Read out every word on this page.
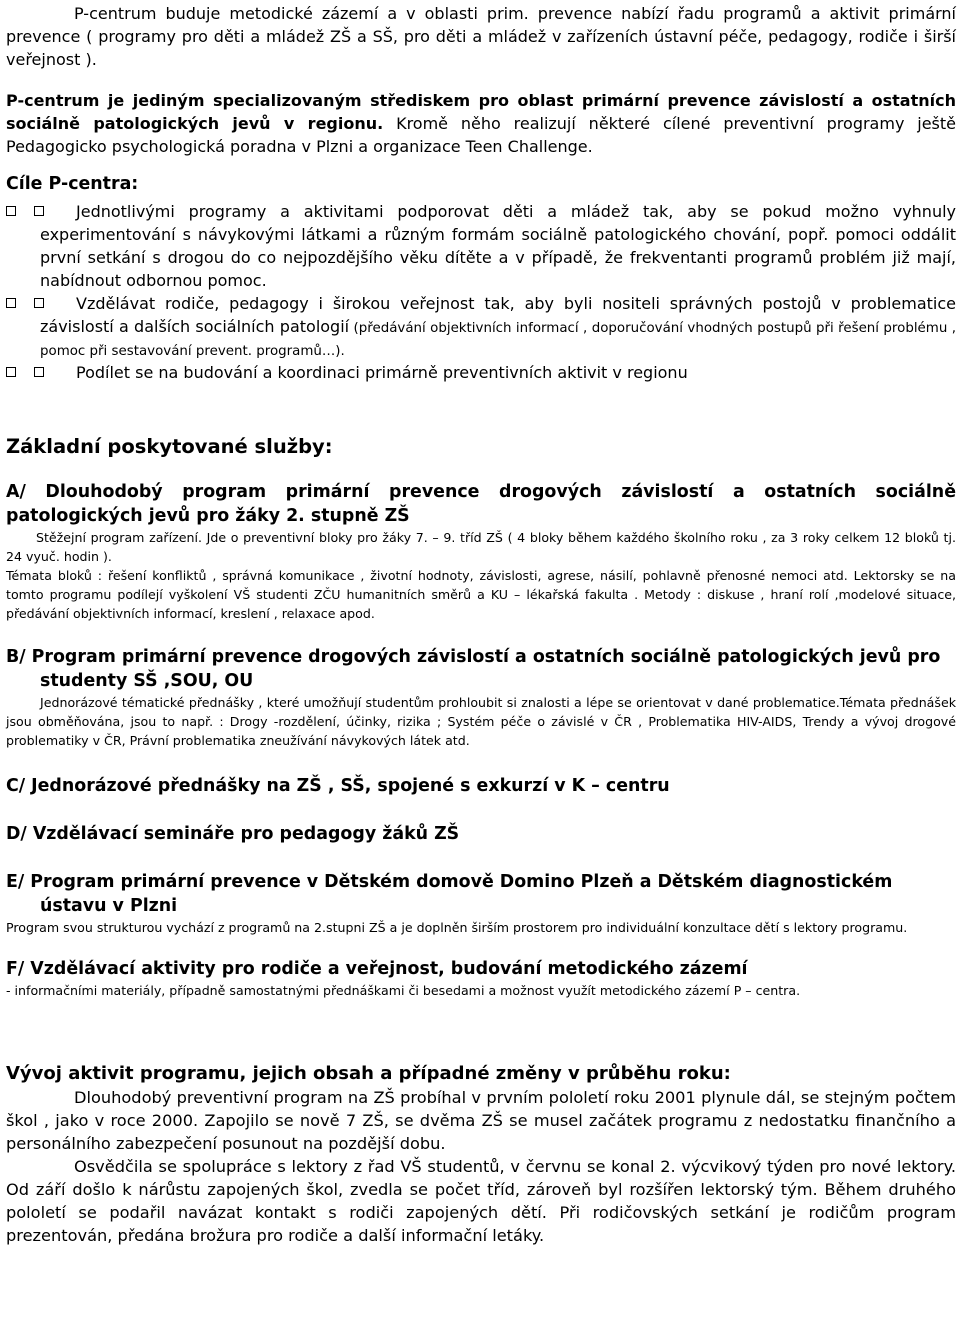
P-centrum buduje metodické zázemí a v oblasti prim. prevence nabízí řadu programů a aktivit primární prevence ( programy pro děti a mládež ZŠ a SŠ, pro děti a mládež v zařízeních ústavní péče, pedagogy, rodiče i širší veřejnost ).

P-centrum je jediným specializovaným střediskem pro oblast primární prevence závislostí a ostatních sociálně patologických jevů v regionu. Kromě něho realizují některé cílené preventivní programy ještě Pedagogicko psychologická poradna v Plzni a organizace Teen Challenge.

Cíle P-centra:

Jednotlivými programy a aktivitami podporovat děti a mládež tak, aby se pokud možno vyhnuly experimentování s návykovými látkami a různým formám sociálně patologického chování, popř. pomoci oddálit první setkání s drogou do co nejpozdějšího věku dítěte a v případě, že frekventanti programů problém již mají, nabídnout odbornou pomoc.
Vzdělávat rodiče, pedagogy i širokou veřejnost tak, aby byli nositeli správných postojů v problematice závislostí a dalších sociálních patologií (předávání objektivních informací , doporučování vhodných postupů při řešení problému , pomoc při sestavování prevent. programů…).
Podílet se na budování a koordinaci primárně preventivních aktivit v regionu

Základní poskytované služby:

A/ Dlouhodobý program primární prevence drogových závislostí a ostatních sociálně patologických jevů pro žáky 2. stupně ZŠ

Stěžejní program zařízení. Jde o preventivní bloky pro žáky 7. – 9. tříd ZŠ ( 4 bloky během každého školního roku , za 3 roky celkem 12 bloků tj. 24 vyuč. hodin ).

Témata bloků : řešení konfliktů , správná komunikace , životní hodnoty, závislosti, agrese, násilí, pohlavně přenosné nemoci atd. Lektorsky se na tomto programu podílejí vyškolení VŠ studenti ZČU humanitních směrů a KU – lékařská fakulta . Metody : diskuse , hraní rolí ,modelové situace, předávání objektivních informací, kreslení , relaxace apod.

B/ Program primární prevence drogových závislostí a ostatních sociálně patologických jevů pro studenty SŠ ,SOU, OU

Jednorázové tématické přednášky , které umožňují studentům prohloubit si znalosti a lépe se orientovat v dané problematice.Témata přednášek jsou obměňována, jsou to např. : Drogy -rozdělení, účinky, rizika ; Systém péče o závislé v ČR , Problematika HIV-AIDS, Trendy a vývoj drogové problematiky v ČR, Právní problematika zneužívání návykových látek atd.

C/ Jednorázové přednášky na ZŠ , SŠ, spojené s exkurzí v K – centru

D/ Vzdělávací semináře pro pedagogy žáků ZŠ

E/ Program primární prevence v Dětském domově Domino Plzeň a Dětském diagnostickém ústavu v Plzni

Program svou strukturou vychází z programů na 2.stupni ZŠ a je doplněn širším prostorem pro individuální konzultace dětí s lektory programu.

F/ Vzdělávací aktivity pro rodiče a veřejnost, budování metodického zázemí

- informačními materiály, případně samostatnými přednáškami či besedami a možnost využít metodického zázemí P – centra.

Vývoj aktivit programu, jejich obsah a případné změny v průběhu roku:

Dlouhodobý preventivní program na ZŠ probíhal v prvním pololetí roku 2001 plynule dál, se stejným počtem škol , jako v roce 2000. Zapojilo se nově 7 ZŠ, se dvěma ZŠ se musel začátek programu z nedostatku finančního a personálního zabezpečení posunout na pozdější dobu.

Osvědčila se spolupráce s lektory z řad VŠ studentů, v červnu se konal 2. výcvikový týden pro nové lektory. Od září došlo k nárůstu zapojených škol, zvedla se počet tříd, zároveň byl rozšířen lektorský tým. Během druhého pololetí se podařil navázat kontakt s rodiči zapojených dětí. Při rodičovských setkání je rodičům program prezentován, předána brožura pro rodiče a další informační letáky.
